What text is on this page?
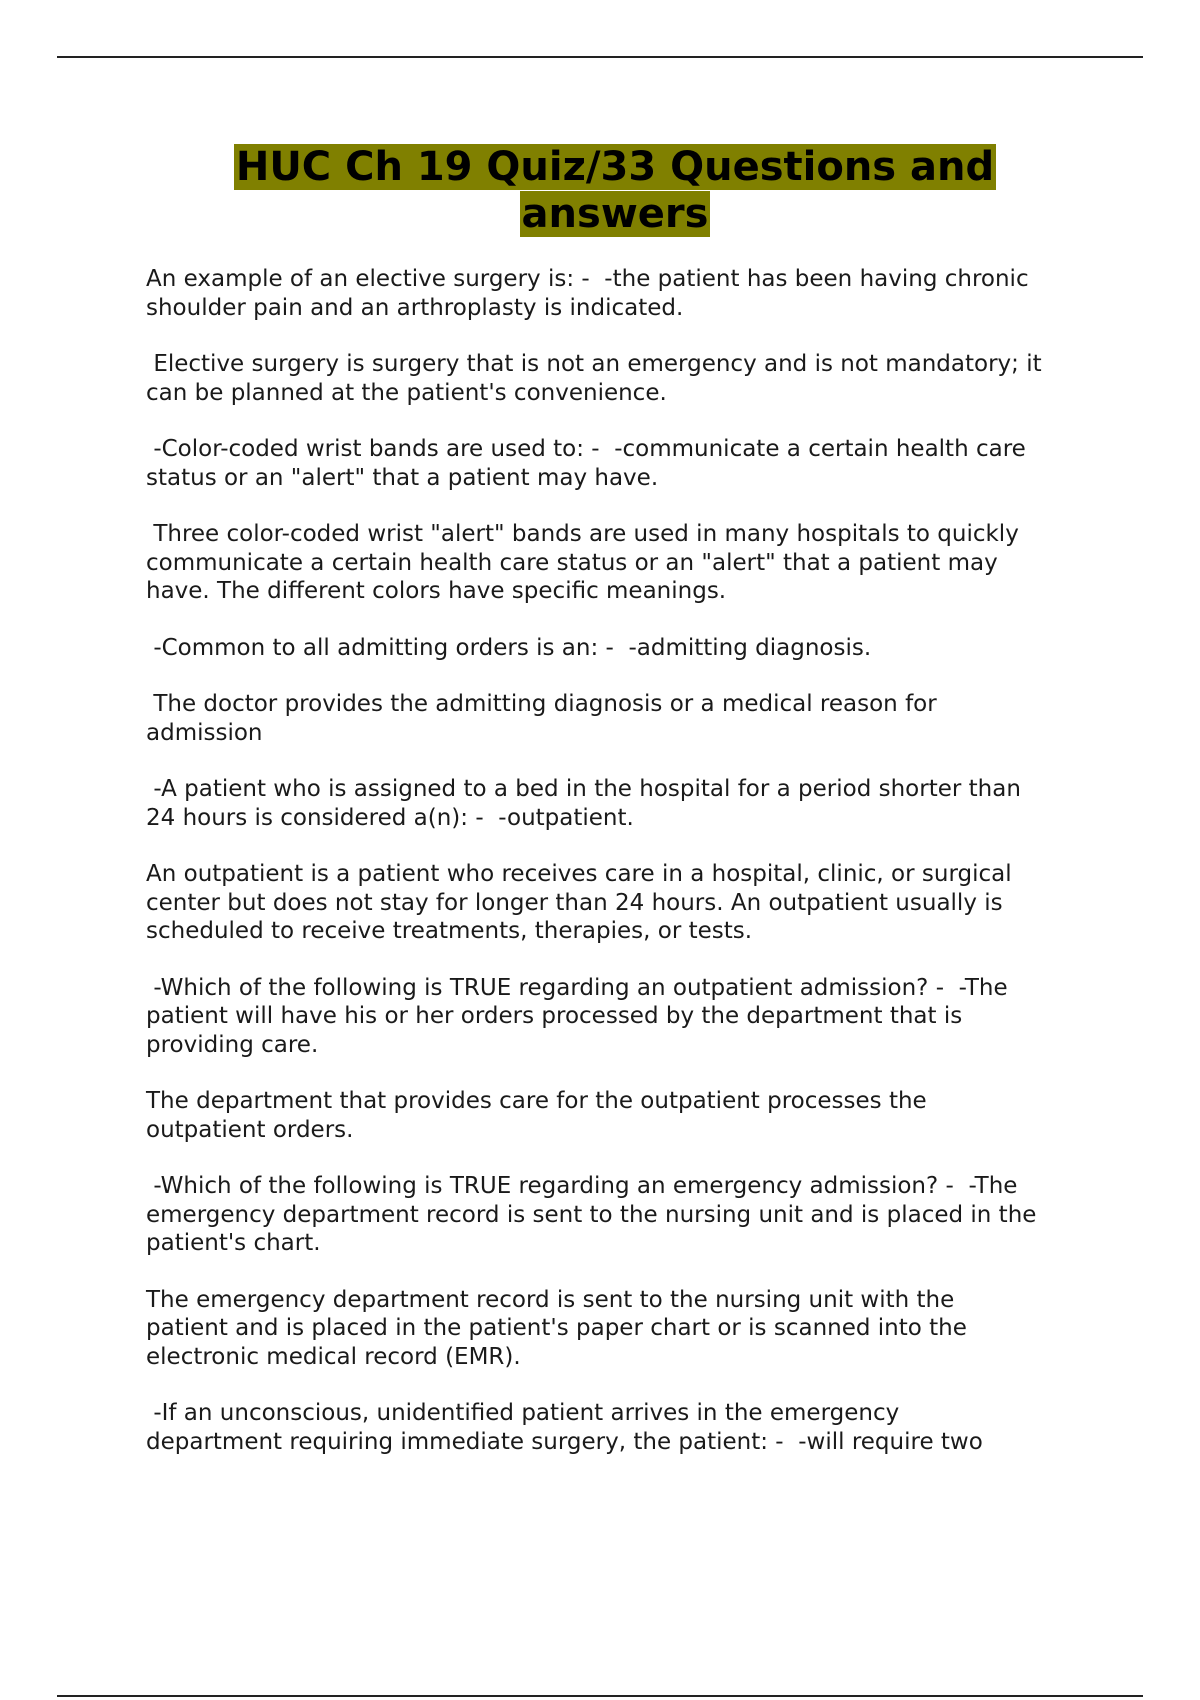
HUC Ch 19 Quiz/33 Questions and
answers

An example of an elective surgery is: -  -the patient has been having chronic
shoulder pain and an arthroplasty is indicated.

Elective surgery is surgery that is not an emergency and is not mandatory; it
can be planned at the patient's convenience.

-Color-coded wrist bands are used to: -  -communicate a certain health care
status or an "alert" that a patient may have.

Three color-coded wrist "alert" bands are used in many hospitals to quickly
communicate a certain health care status or an "alert" that a patient may
have. The different colors have specific meanings.

-Common to all admitting orders is an: -  -admitting diagnosis.

The doctor provides the admitting diagnosis or a medical reason for
admission

-A patient who is assigned to a bed in the hospital for a period shorter than
24 hours is considered a(n): -  -outpatient.

An outpatient is a patient who receives care in a hospital, clinic, or surgical
center but does not stay for longer than 24 hours. An outpatient usually is
scheduled to receive treatments, therapies, or tests.

-Which of the following is TRUE regarding an outpatient admission? -  -The
patient will have his or her orders processed by the department that is
providing care.

The department that provides care for the outpatient processes the
outpatient orders.

-Which of the following is TRUE regarding an emergency admission? -  -The
emergency department record is sent to the nursing unit and is placed in the
patient's chart.

The emergency department record is sent to the nursing unit with the
patient and is placed in the patient's paper chart or is scanned into the
electronic medical record (EMR).

-If an unconscious, unidentified patient arrives in the emergency
department requiring immediate surgery, the patient: -  -will require two
